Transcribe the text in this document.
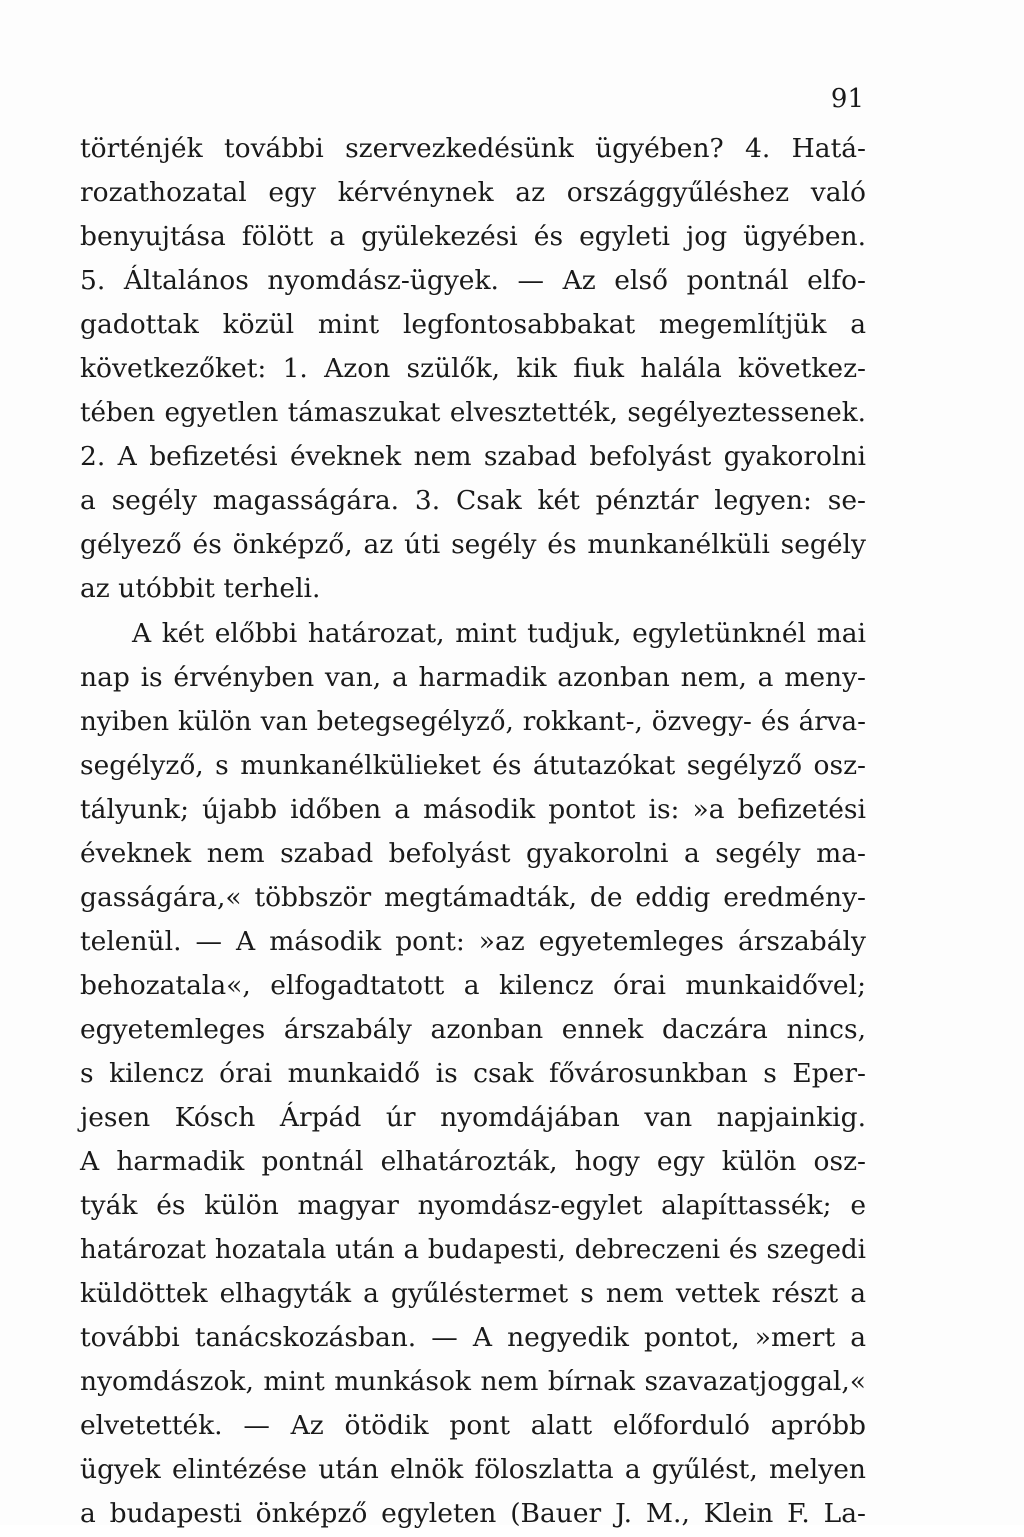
91
történjék további szervezkedésünk ügyében? 4. Hatá-
rozathozatal egy kérvénynek az országgyűléshez való
benyujtása fölött a gyülekezési és egyleti jog ügyében.
5. Általános nyomdász-ügyek. — Az első pontnál elfo-
gadottak közül mint legfontosabbakat megemlítjük a
következőket: 1. Azon szülők, kik fiuk halála következ-
tében egyetlen támaszukat elvesztették, segélyeztessenek.
2. A befizetési éveknek nem szabad befolyást gyakorolni
a segély magasságára. 3. Csak két pénztár legyen: se-
gélyező és önképző, az úti segély és munkanélküli segély
az utóbbit terheli.
A két előbbi határozat, mint tudjuk, egyletünknél mai
nap is érvényben van, a harmadik azonban nem, a meny-
nyiben külön van betegsegélyző, rokkant-, özvegy- és árva-
segélyző, s munkanélkülieket és átutazókat segélyző osz-
tályunk; újabb időben a második pontot is: »a befizetési
éveknek nem szabad befolyást gyakorolni a segély ma-
gasságára,« többször megtámadták, de eddig eredmény-
telenül. — A második pont: »az egyetemleges árszabály
behozatala«, elfogadtatott a kilencz órai munkaidővel;
egyetemleges árszabály azonban ennek daczára nincs,
s kilencz órai munkaidő is csak fővárosunkban s Eper-
jesen Kósch Árpád úr nyomdájában van napjainkig.
A harmadik pontnál elhatározták, hogy egy külön osz-
tyák és külön magyar nyomdász-egylet alapíttassék; e
határozat hozatala után a budapesti, debreczeni és szegedi
küldöttek elhagyták a gyűléstermet s nem vettek részt a
további tanácskozásban. — A negyedik pontot, »mert a
nyomdászok, mint munkások nem bírnak szavazatjoggal,«
elvetették. — Az ötödik pont alatt előforduló apróbb
ügyek elintézése után elnök föloszlatta a gyűlést, melyen
a budapesti önképző egyleten (Bauer J. M., Klein F. La-
